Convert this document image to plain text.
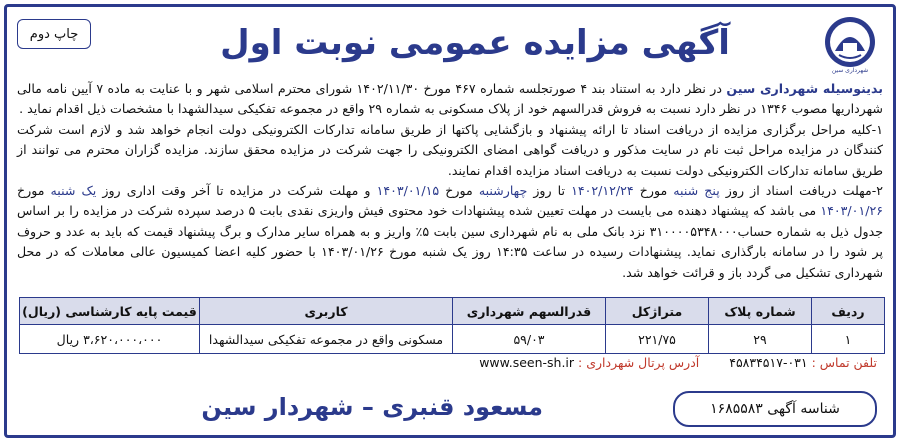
چاپ دوم	آگهی مزایده عمومی نوبت اول
شهرداری سین

بدینوسیله شهرداری سین در نظر دارد به استناد بند ۴ صورتجلسه شماره ۴۶۷ مورخ ۱۴۰۲/۱۱/۳۰ شورای محترم اسلامی شهر و با عنایت به ماده ۷ آیین نامه مالی شهرداریها مصوب ۱۳۴۶ در نظر دارد نسبت به فروش قدرالسهم خود از پلاک مسکونی به شماره ۲۹ واقع در مجموعه تفکیکی سیدالشهدا با مشخصات ذیل اقدام نماید .

۱-کلیه مراحل برگزاری مزایده از دریافت اسناد تا ارائه پیشنهاد و بازگشایی پاکتها از طریق سامانه تدارکات الکترونیکی دولت انجام خواهد شد و لازم است شرکت کنندگان در مزایده مراحل ثبت نام در سایت مذکور و دریافت گواهی امضای الکترونیکی را جهت شرکت در مزایده محقق سازند. مزایده گزاران محترم می توانند از طریق سامانه تدارکات الکترونیکی دولت نسبت به دریافت اسناد مزایده اقدام نمایند.

۲-مهلت دریافت اسناد از روز پنج شنبه مورخ ۱۴۰۲/۱۲/۲۴ تا روز چهارشنبه مورخ ۱۴۰۳/۰۱/۱۵ و مهلت شرکت در مزایده تا آخر وقت اداری روز یک شنبه مورخ ۱۴۰۳/۰۱/۲۶ می باشد که پیشنهاد دهنده می بایست در مهلت تعیین شده پیشنهادات خود محتوی فیش واریزی نقدی بابت ۵ درصد سپرده شرکت در مزایده را بر اساس جدول ذیل به شماره حساب۳۱۰۰۰۰۵۳۴۸۰۰۰ نزد بانک ملی به نام شهرداری سین بابت ۵٪ واریز و به همراه سایر مدارک و برگ پیشنهاد قیمت که باید به عدد و حروف پر شود را در سامانه بارگذاری نماید. پیشنهادات رسیده در ساعت ۱۴:۳۵ روز یک شنبه مورخ ۱۴۰۳/۰۱/۲۶ با حضور کلیه اعضا کمیسیون عالی معاملات که در محل شهرداری تشکیل می گردد باز و قرائت خواهد شد.

ردیف	شماره پلاک	متراژکل	قدرالسهم شهرداری	کاربری	قیمت پایه کارشناسی (ریال)
۱	۲۹	۲۲۱/۷۵	۵۹/۰۳	مسکونی واقع در مجموعه تفکیکی سیدالشهدا	۳،۶۲۰،۰۰۰،۰۰۰ ریال
تلفن تماس : ۰۳۱-۴۵۸۳۴۵۱۷ آدرس پرتال شهرداری : www.seen-sh.ir
مسعود قنبری – شهردار سین	شناسه آگهی ۱۶۸۵۵۸۳
